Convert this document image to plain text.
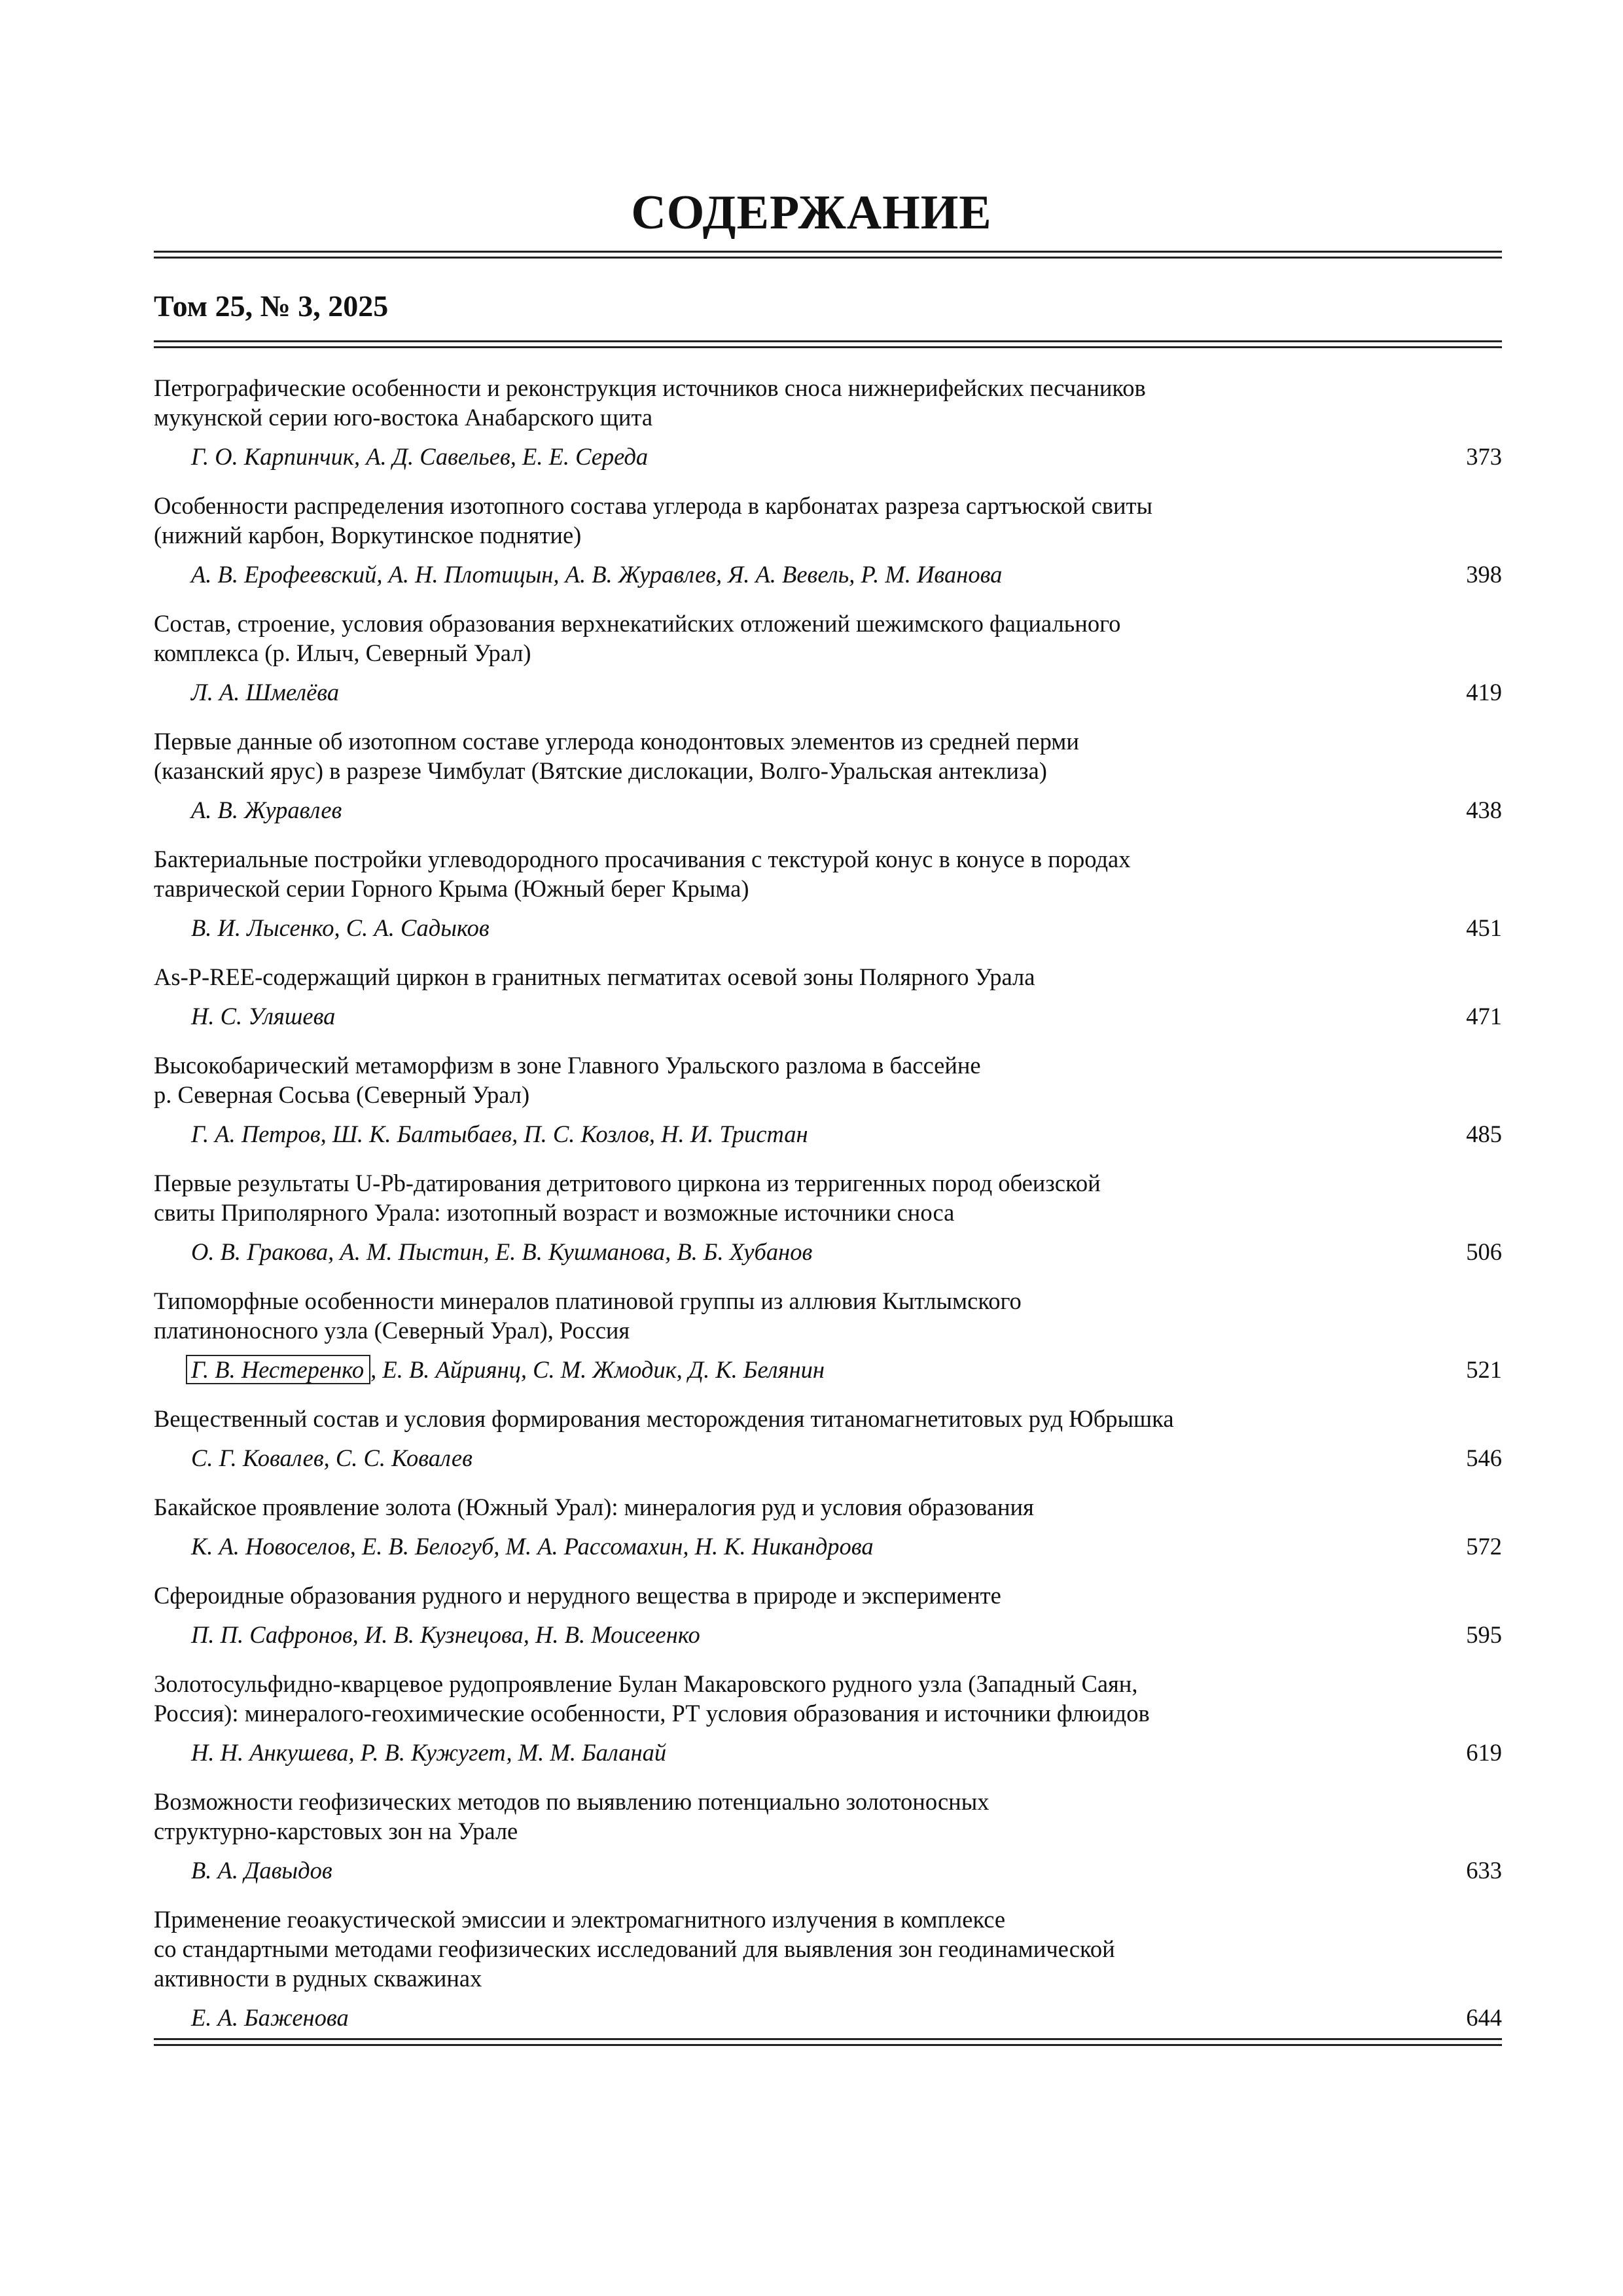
СОДЕРЖАНИЕ
Том 25, № 3, 2025
Петрографические особенности и реконструкция источников сноса нижнерифейских песчаников
мукунской серии юго-востока Анабарского щита
Г. О. Карпинчик, А. Д. Савельев, Е. Е. Середа	373
Особенности распределения изотопного состава углерода в карбонатах разреза сартъюской свиты
(нижний карбон, Воркутинское поднятие)
А. В. Ерофеевский, А. Н. Плотицын, А. В. Журавлев, Я. А. Вевель, Р. М. Иванова	398
Состав, строение, условия образования верхнекатийских отложений шежимского фациального
комплекса (р. Илыч, Северный Урал)
Л. А. Шмелёва	419
Первые данные об изотопном составе углерода конодонтовых элементов из средней перми
(казанский ярус) в разрезе Чимбулат (Вятские дислокации, Волго-Уральская антеклиза)
А. В. Журавлев	438
Бактериальные постройки углеводородного просачивания с текстурой конус в конусе в породах
таврической серии Горного Крыма (Южный берег Крыма)
В. И. Лысенко, С. А. Садыков	451
As-P-REE-содержащий циркон в гранитных пегматитах осевой зоны Полярного Урала
Н. С. Уляшева	471
Высокобарический метаморфизм в зоне Главного Уральского разлома в бассейне
р. Северная Сосьва (Северный Урал)
Г. А. Петров, Ш. К. Балтыбаев, П. С. Козлов, Н. И. Тристан	485
Первые результаты U-Pb-датирования детритового циркона из терригенных пород обеизской
свиты Приполярного Урала: изотопный возраст и возможные источники сноса
О. В. Гракова, А. М. Пыстин, Е. В. Кушманова, В. Б. Хубанов	506
Типоморфные особенности минералов платиновой группы из аллювия Кытлымского
платиноносного узла (Северный Урал), Россия
Г. В. Нестеренко , Е. В. Айриянц, С. М. Жмодик, Д. К. Белянин	521
Вещественный состав и условия формирования месторождения титаномагнетитовых руд Юбрышка
С. Г. Ковалев, С. С. Ковалев	546
Бакайское проявление золота (Южный Урал): минералогия руд и условия образования
К. А. Новоселов, Е. В. Белогуб, М. А. Рассомахин, Н. К. Никандрова	572
Сфероидные образования рудного и нерудного вещества в природе и эксперименте
П. П. Сафронов, И. В. Кузнецова, Н. В. Моисеенко	595
Золотосульфидно-кварцевое рудопроявление Булан Макаровского рудного узла (Западный Саян,
Россия): минералого-геохимические особенности, РТ условия образования и источники флюидов
Н. Н. Анкушева, Р. В. Кужугет, М. М. Баланай	619
Возможности геофизических методов по выявлению потенциально золотоносных
структурно-карстовых зон на Урале
В. А. Давыдов	633
Применение геоакустической эмиссии и электромагнитного излучения в комплексе
со стандартными методами геофизических исследований для выявления зон геодинамической
активности в рудных скважинах
Е. А. Баженова	644
